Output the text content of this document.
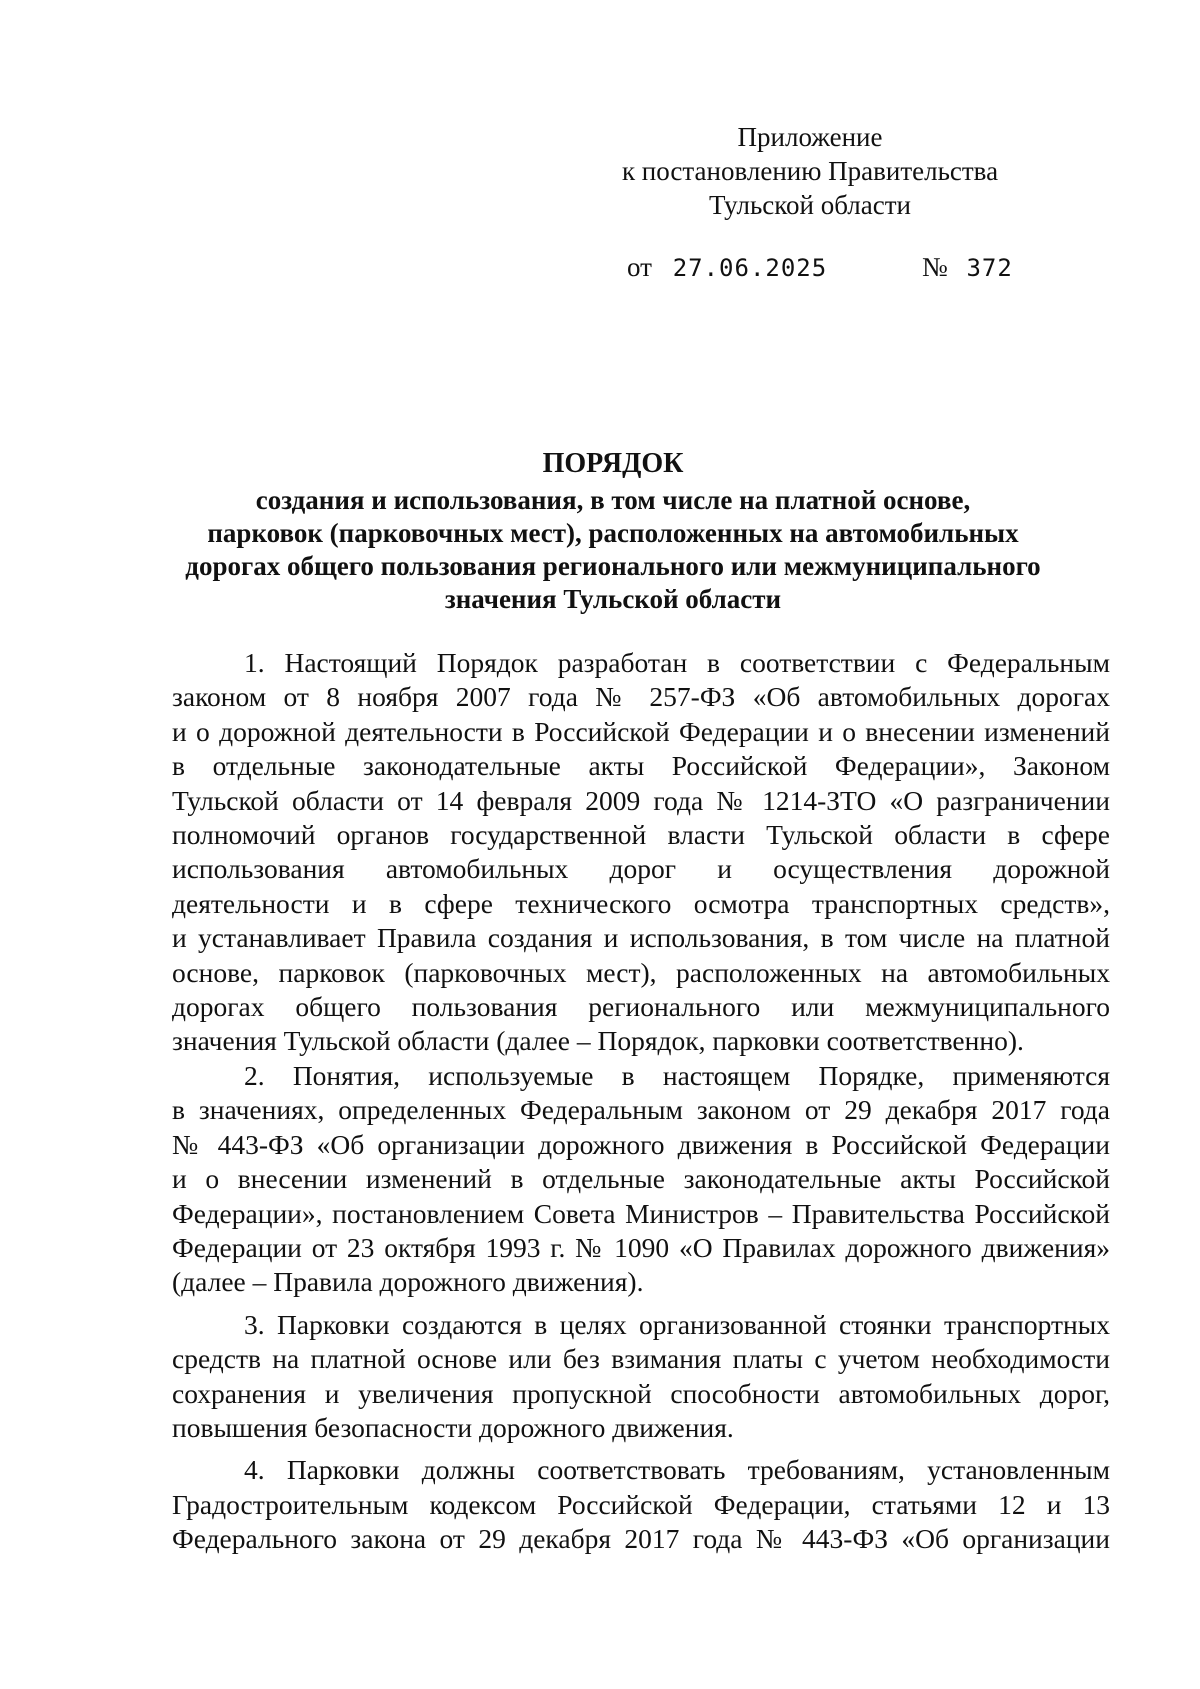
Приложение
к постановлению Правительства
Тульской области
от 27.06.2025	№ 372
ПОРЯДОК
создания и использования, в том числе на платной основе,
парковок (парковочных мест), расположенных на автомобильных
дорогах общего пользования регионального или межмуниципального
значения Тульской области
1. Настоящий Порядок разработан в соответствии с Федеральным
законом от 8 ноября 2007 года № 257-ФЗ «Об автомобильных дорогах
и о дорожной деятельности в Российской Федерации и о внесении изменений
в отдельные законодательные акты Российской Федерации», Законом
Тульской области от 14 февраля 2009 года № 1214-ЗТО «О разграничении
полномочий органов государственной власти Тульской области в сфере
использования автомобильных дорог и осуществления дорожной
деятельности и в сфере технического осмотра транспортных средств»,
и устанавливает Правила создания и использования, в том числе на платной
основе, парковок (парковочных мест), расположенных на автомобильных
дорогах общего пользования регионального или межмуниципального
значения Тульской области (далее – Порядок, парковки соответственно).
2. Понятия, используемые в настоящем Порядке, применяются
в значениях, определенных Федеральным законом от 29 декабря 2017 года
№ 443-ФЗ «Об организации дорожного движения в Российской Федерации
и о внесении изменений в отдельные законодательные акты Российской
Федерации», постановлением Совета Министров – Правительства Российской
Федерации от 23 октября 1993 г. № 1090 «О Правилах дорожного движения»
(далее – Правила дорожного движения).
3. Парковки создаются в целях организованной стоянки транспортных
средств на платной основе или без взимания платы с учетом необходимости
сохранения и увеличения пропускной способности автомобильных дорог,
повышения безопасности дорожного движения.
4. Парковки должны соответствовать требованиям, установленным
Градостроительным кодексом Российской Федерации, статьями 12 и 13
Федерального закона от 29 декабря 2017 года № 443-ФЗ «Об организации
